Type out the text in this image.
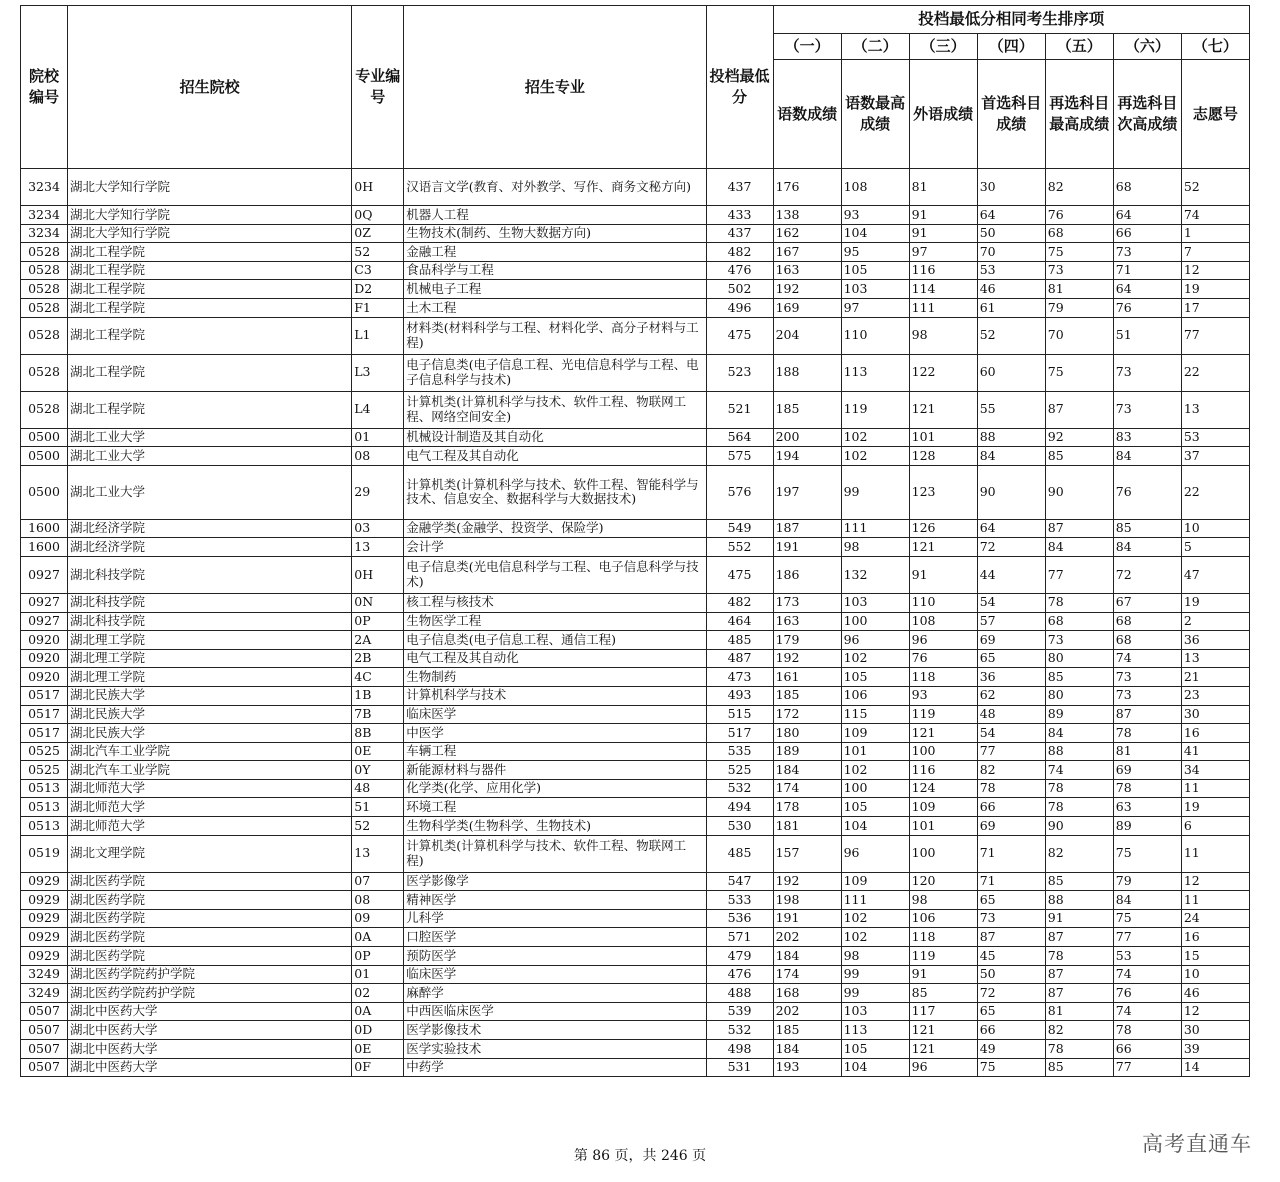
院校编号	招生院校	专业编号	招生专业	投档最低分	投档最低分相同考生排序项						
					（一）	（二）	（三）	（四）	（五）	（六）	（七）
					语数成绩	语数最高成绩	外语成绩	首选科目成绩	再选科目最高成绩	再选科目次高成绩	志愿号
3234	湖北大学知行学院	0H	汉语言文学(教育、对外教学、写作、商务文秘方向)	437	176	108	81	30	82	68	52
3234	湖北大学知行学院	0Q	机器人工程	433	138	93	91	64	76	64	74
3234	湖北大学知行学院	0Z	生物技术(制药、生物大数据方向)	437	162	104	91	50	68	66	1
0528	湖北工程学院	52	金融工程	482	167	95	97	70	75	73	7
0528	湖北工程学院	C3	食品科学与工程	476	163	105	116	53	73	71	12
0528	湖北工程学院	D2	机械电子工程	502	192	103	114	46	81	64	19
0528	湖北工程学院	F1	土木工程	496	169	97	111	61	79	76	17
0528	湖北工程学院	L1	材料类(材料科学与工程、材料化学、高分子材料与工程)	475	204	110	98	52	70	51	77
0528	湖北工程学院	L3	电子信息类(电子信息工程、光电信息科学与工程、电子信息科学与技术)	523	188	113	122	60	75	73	22
0528	湖北工程学院	L4	计算机类(计算机科学与技术、软件工程、物联网工程、网络空间安全)	521	185	119	121	55	87	73	13
0500	湖北工业大学	01	机械设计制造及其自动化	564	200	102	101	88	92	83	53
0500	湖北工业大学	08	电气工程及其自动化	575	194	102	128	84	85	84	37
0500	湖北工业大学	29	计算机类(计算机科学与技术、软件工程、智能科学与技术、信息安全、数据科学与大数据技术)	576	197	99	123	90	90	76	22
1600	湖北经济学院	03	金融学类(金融学、投资学、保险学)	549	187	111	126	64	87	85	10
1600	湖北经济学院	13	会计学	552	191	98	121	72	84	84	5
0927	湖北科技学院	0H	电子信息类(光电信息科学与工程、电子信息科学与技术)	475	186	132	91	44	77	72	47
0927	湖北科技学院	0N	核工程与核技术	482	173	103	110	54	78	67	19
0927	湖北科技学院	0P	生物医学工程	464	163	100	108	57	68	68	2
0920	湖北理工学院	2A	电子信息类(电子信息工程、通信工程)	485	179	96	96	69	73	68	36
0920	湖北理工学院	2B	电气工程及其自动化	487	192	102	76	65	80	74	13
0920	湖北理工学院	4C	生物制药	473	161	105	118	36	85	73	21
0517	湖北民族大学	1B	计算机科学与技术	493	185	106	93	62	80	73	23
0517	湖北民族大学	7B	临床医学	515	172	115	119	48	89	87	30
0517	湖北民族大学	8B	中医学	517	180	109	121	54	84	78	16
0525	湖北汽车工业学院	0E	车辆工程	535	189	101	100	77	88	81	41
0525	湖北汽车工业学院	0Y	新能源材料与器件	525	184	102	116	82	74	69	34
0513	湖北师范大学	48	化学类(化学、应用化学)	532	174	100	124	78	78	78	11
0513	湖北师范大学	51	环境工程	494	178	105	109	66	78	63	19
0513	湖北师范大学	52	生物科学类(生物科学、生物技术)	530	181	104	101	69	90	89	6
0519	湖北文理学院	13	计算机类(计算机科学与技术、软件工程、物联网工程)	485	157	96	100	71	82	75	11
0929	湖北医药学院	07	医学影像学	547	192	109	120	71	85	79	12
0929	湖北医药学院	08	精神医学	533	198	111	98	65	88	84	11
0929	湖北医药学院	09	儿科学	536	191	102	106	73	91	75	24
0929	湖北医药学院	0A	口腔医学	571	202	102	118	87	87	77	16
0929	湖北医药学院	0P	预防医学	479	184	98	119	45	78	53	15
3249	湖北医药学院药护学院	01	临床医学	476	174	99	91	50	87	74	10
3249	湖北医药学院药护学院	02	麻醉学	488	168	99	85	72	87	76	46
0507	湖北中医药大学	0A	中西医临床医学	539	202	103	117	65	81	74	12
0507	湖北中医药大学	0D	医学影像技术	532	185	113	121	66	82	78	30
0507	湖北中医药大学	0E	医学实验技术	498	184	105	121	49	78	66	39
0507	湖北中医药大学	0F	中药学	531	193	104	96	75	85	77	14
第 86 页，共 246 页	高考直通车
